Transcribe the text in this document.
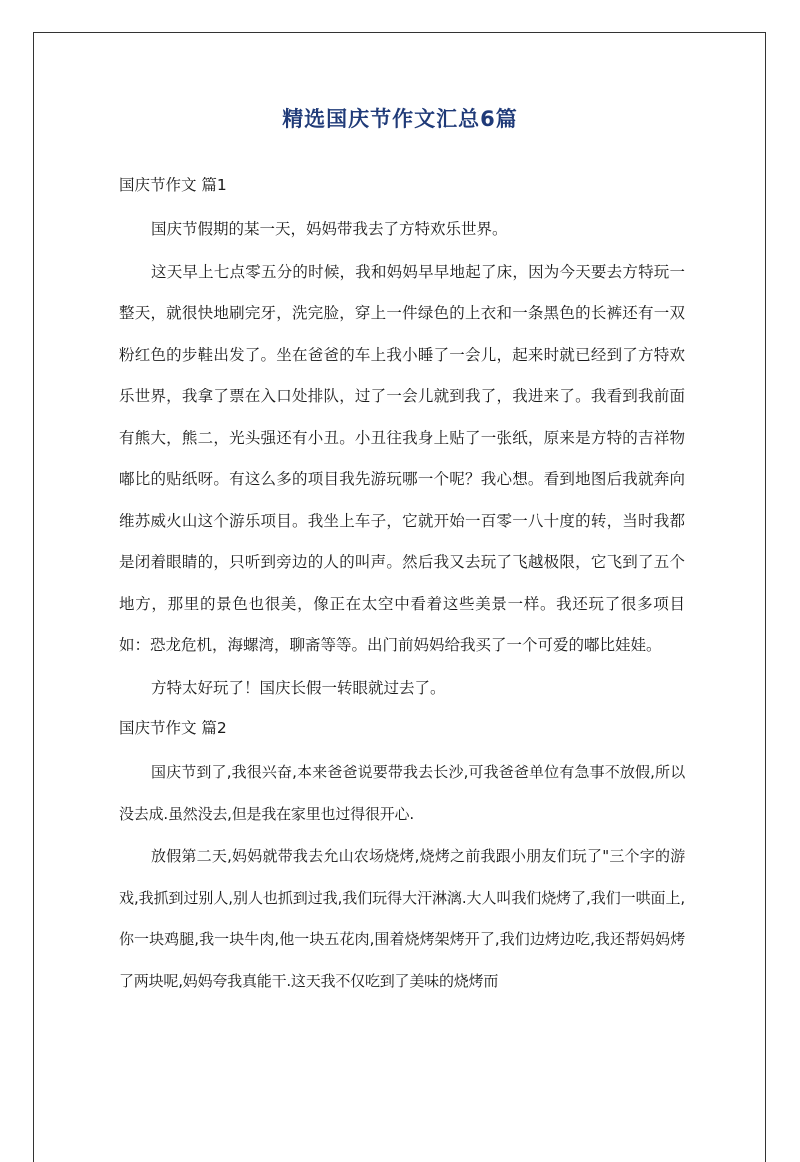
精选国庆节作文汇总6篇
国庆节作文 篇1

国庆节假期的某一天，妈妈带我去了方特欢乐世界。

这天早上七点零五分的时候，我和妈妈早早地起了床，因为今天要去方特玩一整天，就很快地刷完牙，洗完脸，穿上一件绿色的上衣和一条黑色的长裤还有一双粉红色的步鞋出发了。坐在爸爸的车上我小睡了一会儿，起来时就已经到了方特欢乐世界，我拿了票在入口处排队，过了一会儿就到我了，我进来了。我看到我前面有熊大，熊二，光头强还有小丑。小丑往我身上贴了一张纸，原来是方特的吉祥物嘟比的贴纸呀。有这么多的项目我先游玩哪一个呢？我心想。看到地图后我就奔向维苏威火山这个游乐项目。我坐上车子，它就开始一百零一八十度的转，当时我都是闭着眼睛的，只听到旁边的人的叫声。然后我又去玩了飞越极限，它飞到了五个地方，那里的景色也很美，像正在太空中看着这些美景一样。我还玩了很多项目如：恐龙危机，海螺湾，聊斋等等。出门前妈妈给我买了一个可爱的嘟比娃娃。

方特太好玩了！国庆长假一转眼就过去了。

国庆节作文 篇2

国庆节到了,我很兴奋,本来爸爸说要带我去长沙,可我爸爸单位有急事不放假,所以没去成.虽然没去,但是我在家里也过得很开心.

放假第二天,妈妈就带我去允山农场烧烤,烧烤之前我跟小朋友们玩了"三个字的游戏,我抓到过别人,别人也抓到过我,我们玩得大汗淋漓.大人叫我们烧烤了,我们一哄面上,你一块鸡腿,我一块牛肉,他一块五花肉,围着烧烤架烤开了,我们边烤边吃,我还帮妈妈烤了两块呢,妈妈夸我真能干.这天我不仅吃到了美味的烧烤而
